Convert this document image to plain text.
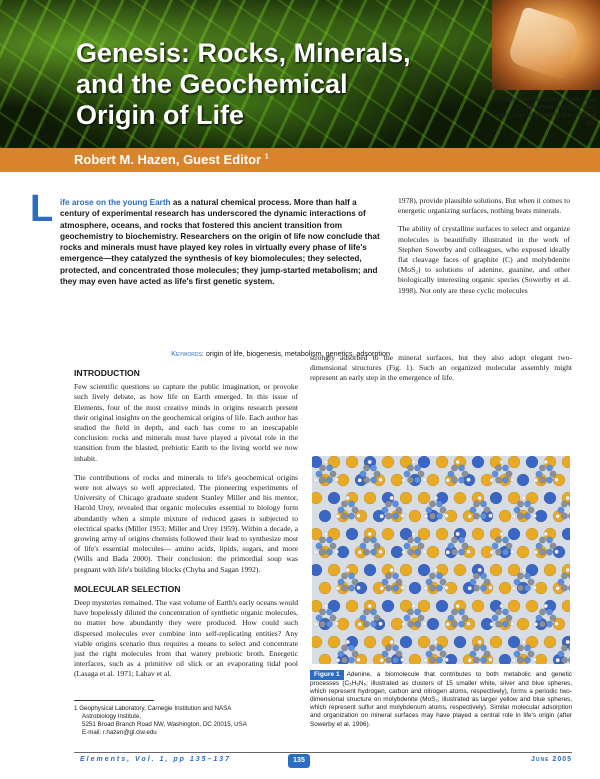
Genesis: Rocks, Minerals,
and the Geochemical
Origin of Life
Calcite crystal surfaces may have adsorbed and organized molecules essential to the origin of life.
Robert M. Hazen, Guest Editor $^1$
L ife arose on the young Earth as a natural chemical process. More than half a century of experimental research has underscored the dynamic interactions of atmosphere, oceans, and rocks that fostered this ancient transition from geochemistry to biochemistry. Researchers on the origin of life now conclude that rocks and minerals must have played key roles in virtually every phase of life's emergence—they catalyzed the synthesis of key biomolecules; they selected, protected, and concentrated those molecules; they jump-started metabolism; and they may even have acted as life's first genetic system.
Keywords: origin of life, biogenesis, metabolism, genetics, adsorption

1978), provide plausible solutions. But when it comes to energetic organizing surfaces, nothing beats minerals.

The ability of crystalline surfaces to select and organize molecules is beautifully illustrated in the work of Stephen Sowerby and colleagues, who exposed ideally flat cleavage faces of graphite (C) and molybdenite (MoS₂) to solutions of adenine, guanine, and other biologically interesting organic species (Sowerby et al. 1998). Not only are these cyclic molecules

strongly adsorbed to the mineral surfaces, but they also adopt elegant two-dimensional structures (Fig. 1). Such an organized molecular assembly might represent an early step in the emergence of life.
INTRODUCTION

Few scientific questions so capture the public imagination, or provoke such lively debate, as how life on Earth emerged. In this issue of Elements, four of the most creative minds in origins research present their original insights on the geochemical origins of life. Each author has studied the field in depth, and each has come to an inescapable conclusion: rocks and minerals must have played a pivotal role in the transition from the blasted, prebiotic Earth to the living world we now inhabit.

The contributions of rocks and minerals to life's geochemical origins were not always so well appreciated. The pioneering experiments of University of Chicago graduate student Stanley Miller and his mentor, Harold Urey, revealed that organic molecules essential to biology form abundantly when a simple mixture of reduced gases is subjected to electrical sparks (Miller 1953; Miller and Urey 1959). Within a decade, a growing army of origins chemists followed their lead to synthesize most of life's essential molecules— amino acids, lipids, sugars, and more (Wills and Bada 2000). Their conclusion: the primordial soup was pregnant with life's building blocks (Chyba and Sagan 1992).

MOLECULAR SELECTION

Deep mysteries remained. The vast volume of Earth's early oceans would have hopelessly diluted the concentration of synthetic organic molecules, no matter how abundantly they were produced. How could such dispersed molecules ever combine into self-replicating entities? Any viable origins scenario thus requires a means to select and concentrate just the right molecules from that watery prebiotic broth. Energetic interfaces, such as a primitive oil slick or an evaporating tidal pool (Lasaga et al. 1971; Lahav et al.	Figure 1 Adenine, a biomolecule that contributes to both metabolic and genetic processes (C₅H₅N₅; illustrated as clusters of 15 smaller white, silver and blue spheres, which represent hydrogen, carbon and nitrogen atoms, respectively), forms a periodic two-dimensional structure on molybdenite (MoS₂; illustrated as larger yellow and blue spheres, which represent sulfur and molybdenum atoms, respectively). Similar molecular adsorption and organization on mineral surfaces may have played a central role in life's origin (after Sowerby et al. 1996).
1 Geophysical Laboratory, Carnegie Institution and NASA
Astrobiology Institute,
5251 Broad Branch Road NW, Washington, DC 20015, USA
E-mail: r.hazen@gl.ciw.edu
Elements, Vol. 1, pp 135–137	135	June 2005
